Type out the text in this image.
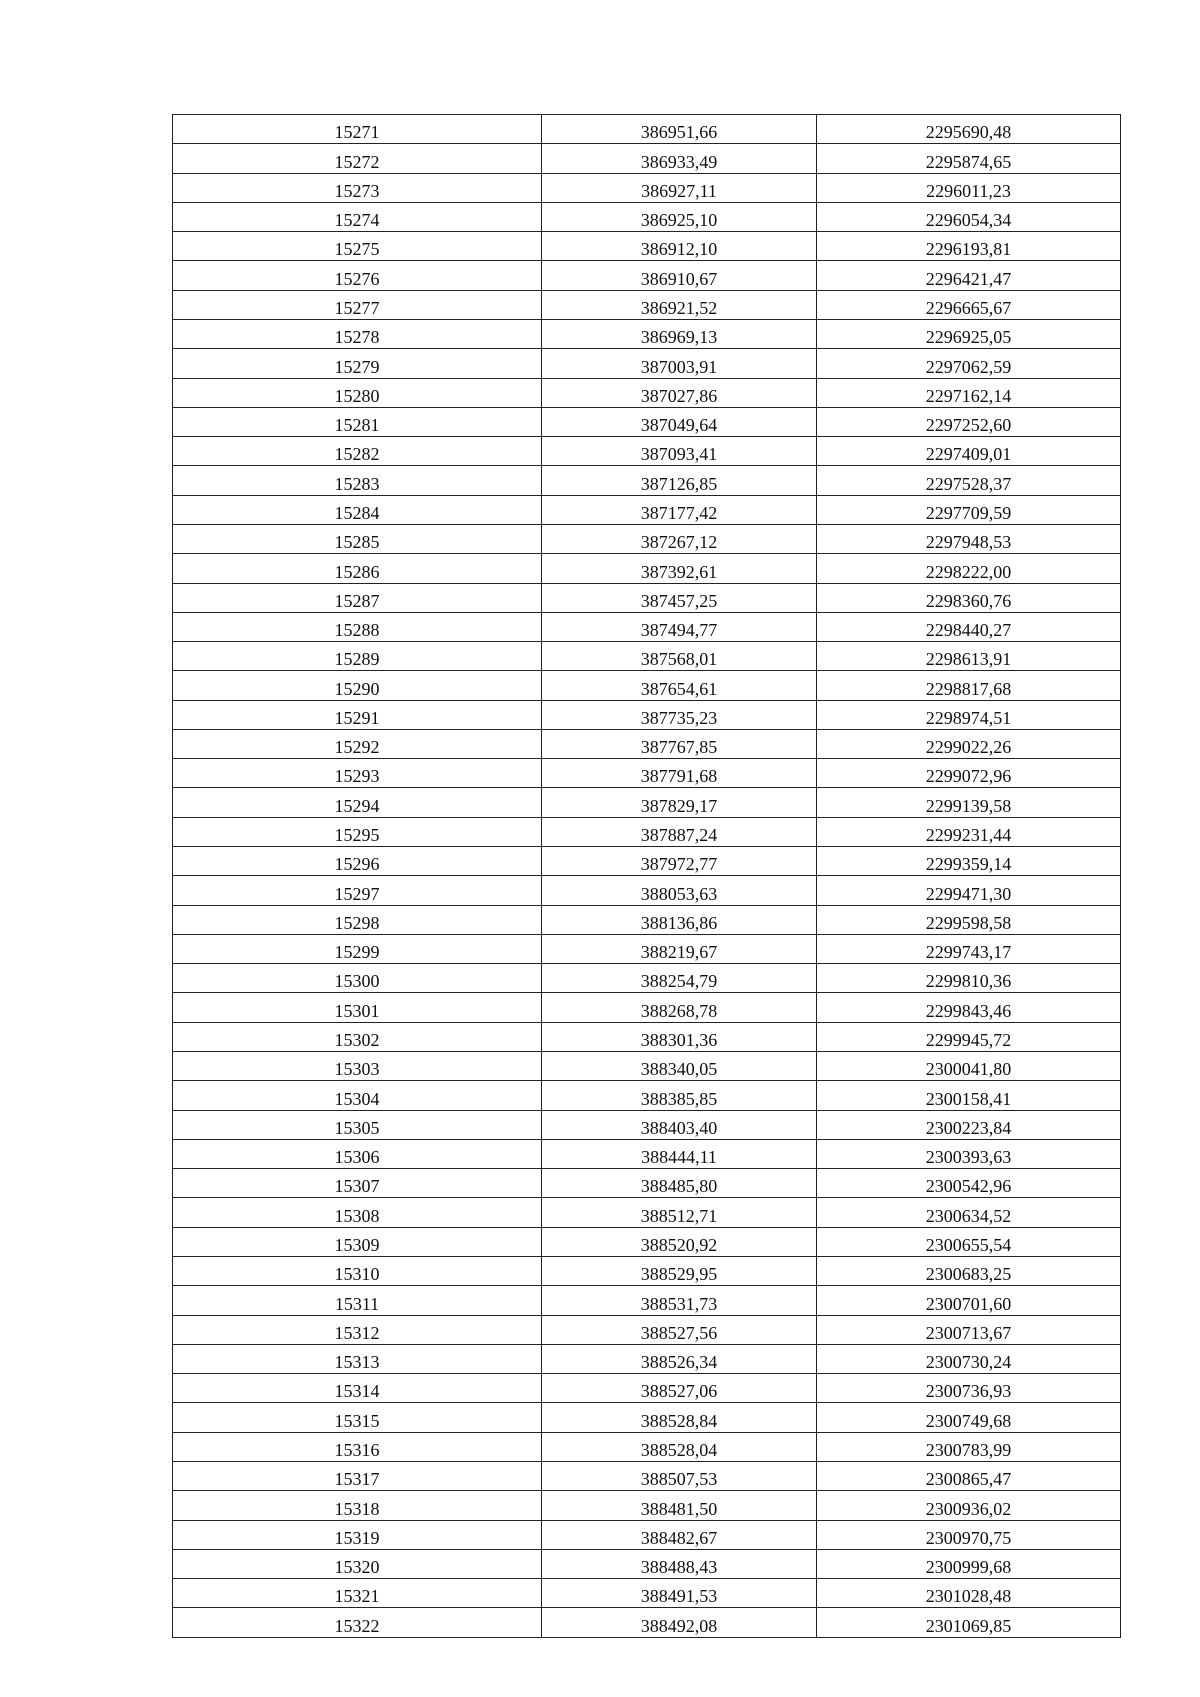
15271	386951,66	2295690,48
15272	386933,49	2295874,65
15273	386927,11	2296011,23
15274	386925,10	2296054,34
15275	386912,10	2296193,81
15276	386910,67	2296421,47
15277	386921,52	2296665,67
15278	386969,13	2296925,05
15279	387003,91	2297062,59
15280	387027,86	2297162,14
15281	387049,64	2297252,60
15282	387093,41	2297409,01
15283	387126,85	2297528,37
15284	387177,42	2297709,59
15285	387267,12	2297948,53
15286	387392,61	2298222,00
15287	387457,25	2298360,76
15288	387494,77	2298440,27
15289	387568,01	2298613,91
15290	387654,61	2298817,68
15291	387735,23	2298974,51
15292	387767,85	2299022,26
15293	387791,68	2299072,96
15294	387829,17	2299139,58
15295	387887,24	2299231,44
15296	387972,77	2299359,14
15297	388053,63	2299471,30
15298	388136,86	2299598,58
15299	388219,67	2299743,17
15300	388254,79	2299810,36
15301	388268,78	2299843,46
15302	388301,36	2299945,72
15303	388340,05	2300041,80
15304	388385,85	2300158,41
15305	388403,40	2300223,84
15306	388444,11	2300393,63
15307	388485,80	2300542,96
15308	388512,71	2300634,52
15309	388520,92	2300655,54
15310	388529,95	2300683,25
15311	388531,73	2300701,60
15312	388527,56	2300713,67
15313	388526,34	2300730,24
15314	388527,06	2300736,93
15315	388528,84	2300749,68
15316	388528,04	2300783,99
15317	388507,53	2300865,47
15318	388481,50	2300936,02
15319	388482,67	2300970,75
15320	388488,43	2300999,68
15321	388491,53	2301028,48
15322	388492,08	2301069,85
